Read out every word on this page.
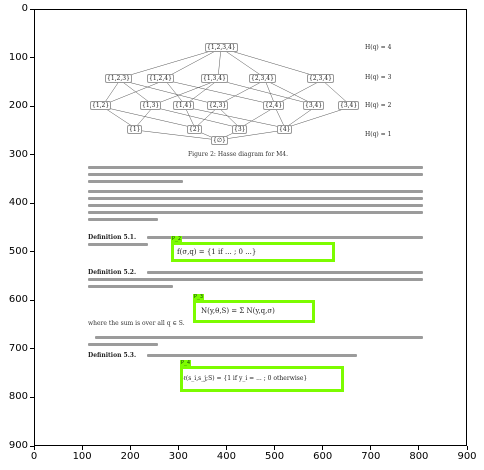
{1,2,3,4}
{1,2,3}	{1,2,4}	{1,3,4}	{2,3,4}	{2,3,4}
{1,2}	{1,3}	{1,4}	{2,3}	{2,4}	{3,4}	{3,4}
{1}	{2}	{3}	{4}
{∅}
H(q) = 4
H(q) = 3
H(q) = 2
H(q) = 1
Figure 2: Hasse diagram for M4.
Definition 5.1.	P_2
f(σ,q) = {1 if ... ; 0 ...}
Definition 5.2.
P_3
N(y,θ,S) = Σ N(y,q,σ)
where the sum is over all q ∈ S.
Definition 5.3.
P_4
ℓ(s_i,s_j;S) = {1 if y_i = ... ; 0 otherwise}
0	100	200	300	400	500	600	700	800	900
0
100
200
300
400
500
600
700
800
900
